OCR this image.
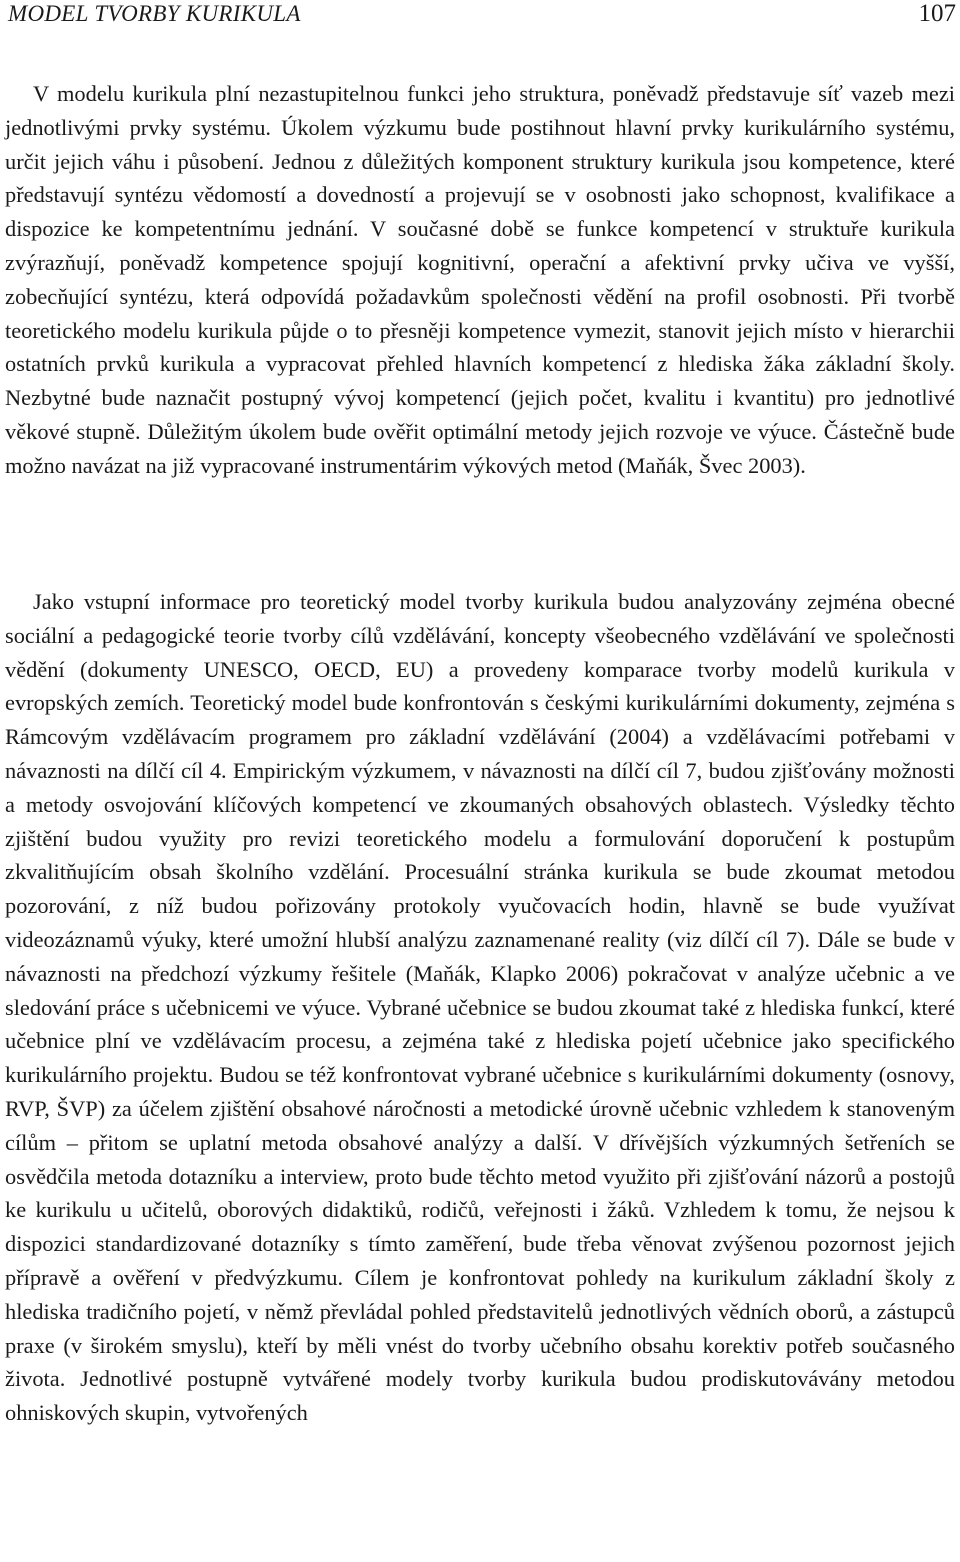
MODEL TVORBY KURIKULA	107

V modelu kurikula plní nezastupitelnou funkci jeho struktura, poněvadž představuje síť vazeb mezi jednotlivými prvky systému. Úkolem výzkumu bude postihnout hlavní prvky kurikulárního systému, určit jejich váhu i působení. Jednou z důležitých komponent struktury kurikula jsou kompetence, které představují syntézu vědomostí a dovedností a projevují se v osobnosti jako schopnost, kvalifikace a dispozice ke kompetentnímu jednání. V současné době se funkce kompetencí v struktuře kurikula zvýrazňují, poněvadž kompetence spojují kognitivní, operační a afektivní prvky učiva ve vyšší, zobecňující syntézu, která odpovídá požadavkům společnosti vědění na profil osobnosti. Při tvorbě teoretického modelu kurikula půjde o to přesněji kompetence vymezit, stanovit jejich místo v hierarchii ostatních prvků kurikula a vypracovat přehled hlavních kompetencí z hlediska žáka základní školy. Nezbytné bude naznačit postupný vývoj kompetencí (jejich počet, kvalitu i kvantitu) pro jednotlivé věkové stupně. Důležitým úkolem bude ověřit optimální metody jejich rozvoje ve výuce. Částečně bude možno navázat na již vypracované instrumentárim výkových metod (Maňák, Švec 2003).

Jako vstupní informace pro teoretický model tvorby kurikula budou analyzovány zejména obecné sociální a pedagogické teorie tvorby cílů vzdělávání, koncepty všeobecného vzdělávání ve společnosti vědění (dokumenty UNESCO, OECD, EU) a provedeny komparace tvorby modelů kurikula v evropských zemích. Teoretický model bude konfrontován s českými kurikulárními dokumenty, zejména s Rámcovým vzdělávacím programem pro základní vzdělávání (2004) a vzdělávacími potřebami v návaznosti na dílčí cíl 4. Empirickým výzkumem, v návaznosti na dílčí cíl 7, budou zjišťovány možnosti a metody osvojování klíčových kompetencí ve zkoumaných obsahových oblastech. Výsledky těchto zjištění budou využity pro revizi teoretického modelu a formulování doporučení k postupům zkvalitňujícím obsah školního vzdělání. Procesuální stránka kurikula se bude zkoumat metodou pozorování, z níž budou pořizovány protokoly vyučovacích hodin, hlavně se bude využívat videozáznamů výuky, které umožní hlubší analýzu zaznamenané reality (viz dílčí cíl 7). Dále se bude v návaznosti na předchozí výzkumy řešitele (Maňák, Klapko 2006) pokračovat v analýze učebnic a ve sledování práce s učebnicemi ve výuce. Vybrané učebnice se budou zkoumat také z hlediska funkcí, které učebnice plní ve vzdělávacím procesu, a zejména také z hlediska pojetí učebnice jako specifického kurikulárního projektu. Budou se též konfrontovat vybrané učebnice s kurikulárními dokumenty (osnovy, RVP, ŠVP) za účelem zjištění obsahové náročnosti a metodické úrovně učebnic vzhledem k stanoveným cílům – přitom se uplatní metoda obsahové analýzy a další. V dřívějších výzkumných šetřeních se osvědčila metoda dotazníku a interview, proto bude těchto metod využito při zjišťování názorů a postojů ke kurikulu u učitelů, oborových didaktiků, rodičů, veřejnosti i žáků. Vzhledem k tomu, že nejsou k dispozici standardizované dotazníky s tímto zaměření, bude třeba věnovat zvýšenou pozornost jejich přípravě a ověření v předvýzkumu. Cílem je konfrontovat pohledy na kurikulum základní školy z hlediska tradičního pojetí, v němž převládal pohled představitelů jednotlivých vědních oborů, a zástupců praxe (v širokém smyslu), kteří by měli vnést do tvorby učebního obsahu korektiv potřeb současného života. Jednotlivé postupně vytvářené modely tvorby kurikula budou prodiskutovávány metodou ohniskových skupin, vytvořených
